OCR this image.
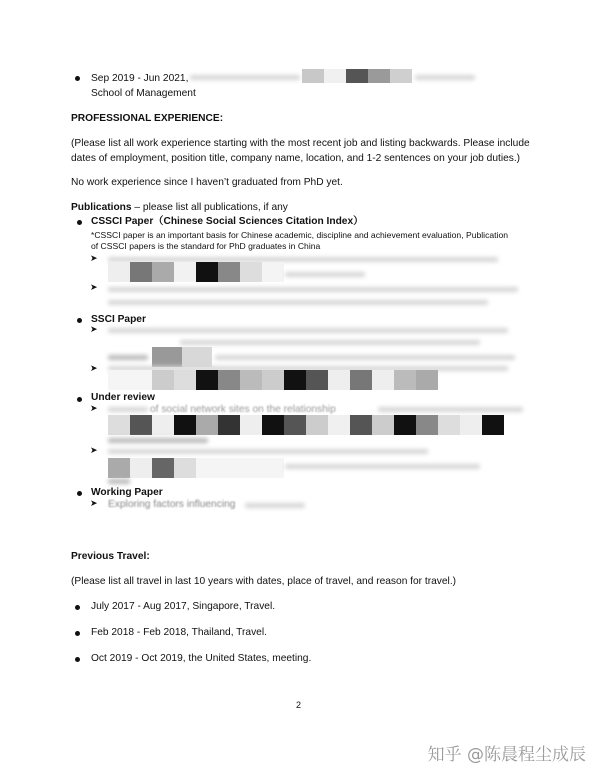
Sep 2019 - Jun 2021,
School of Management
PROFESSIONAL EXPERIENCE:
(Please list all work experience starting with the most recent job and listing backwards. Please include
dates of employment, position title, company name, location, and 1-2 sentences on your job duties.)
No work experience since I haven’t graduated from PhD yet.
Publications – please list all publications, if any
CSSCI Paper（Chinese Social Sciences Citation Index）
*CSSCI paper is an important basis for Chinese academic, discipline and achievement evaluation, Publication
of CSSCI papers is the standard for PhD graduates in China
➤
➤
SSCI Paper
➤
➤
Under review
➤	of social network sites on the relationship
➤
Working Paper
➤ Exploring factors influencing
Previous Travel:
(Please list all travel in last 10 years with dates, place of travel, and reason for travel.)
July 2017 - Aug 2017, Singapore, Travel.
Feb 2018 - Feb 2018, Thailand, Travel.
Oct 2019 - Oct 2019, the United States, meeting.
2
知乎 @陈晨程尘成辰
